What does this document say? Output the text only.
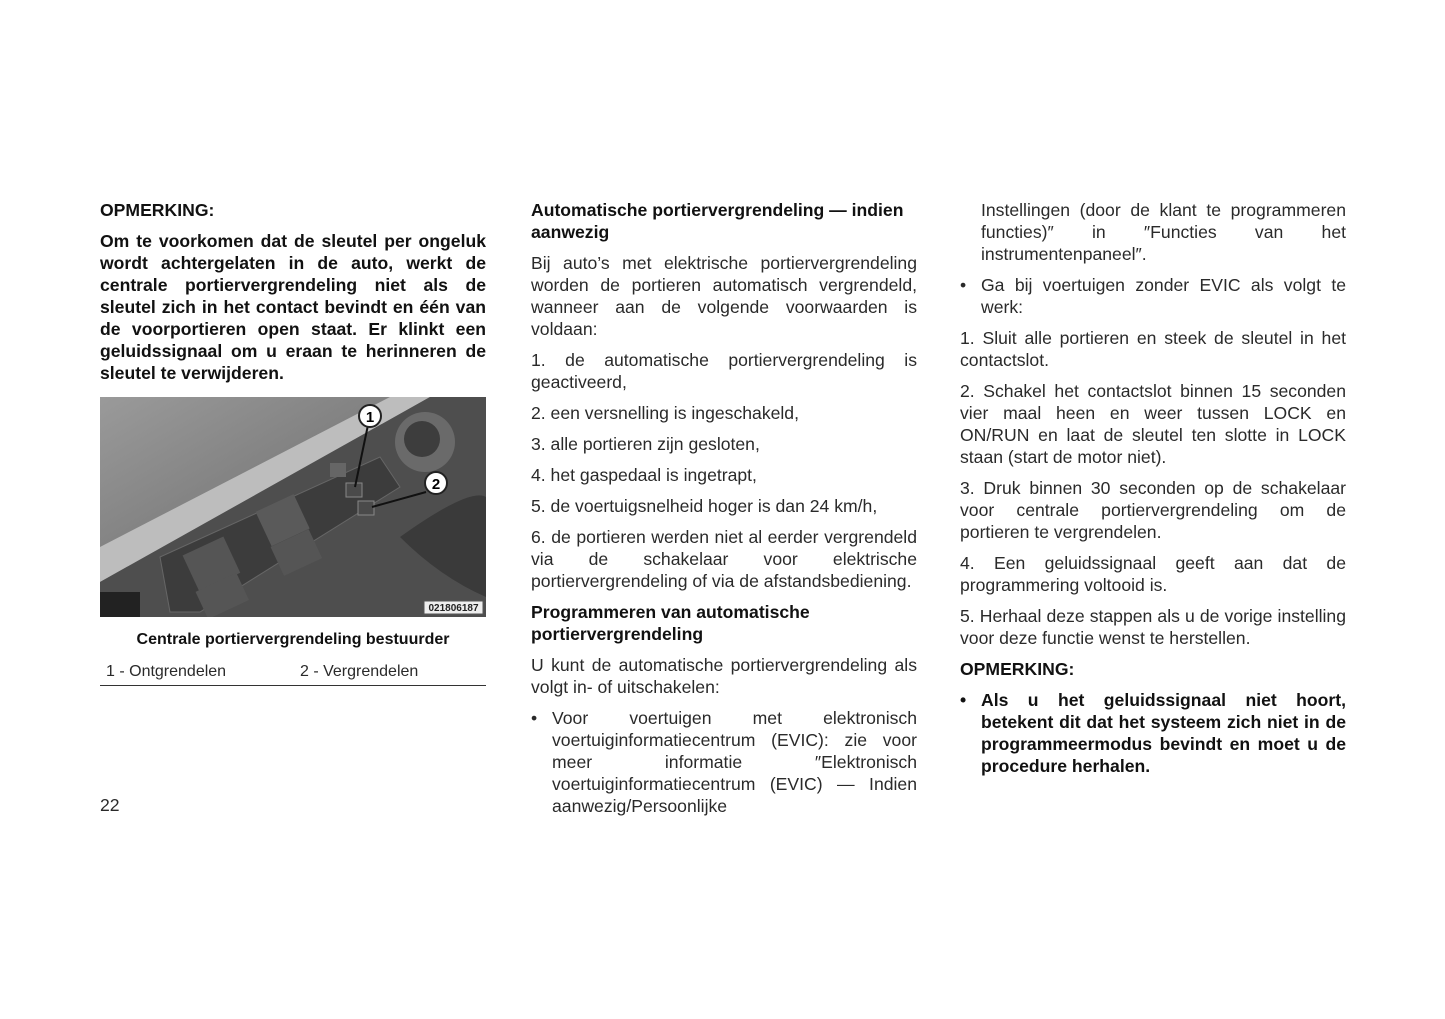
OPMERKING:

Om te voorkomen dat de sleutel per ongeluk wordt achtergelaten in de auto, werkt de centrale portiervergrendeling niet als de sleutel zich in het contact bevindt en één van de voorportieren open staat. Er klinkt een geluidssignaal om u eraan te herinneren de sleutel te verwijderen.

1
2
021806187
Centrale portiervergrendeling bestuurder
1 - Ontgrendelen	2 - Vergrendelen

Automatische portiervergrendeling — indien aanwezig

Bij auto’s met elektrische portiervergrendeling worden de portieren automatisch vergrendeld, wanneer aan de volgende voorwaarden is voldaan:

1. de automatische portiervergrendeling is geactiveerd,

2. een versnelling is ingeschakeld,

3. alle portieren zijn gesloten,

4. het gaspedaal is ingetrapt,

5. de voertuigsnelheid hoger is dan 24 km/h,

6. de portieren werden niet al eerder vergrendeld via de schakelaar voor elektrische portiervergrendeling of via de afstandsbediening.

Programmeren van automatische portiervergrendeling

U kunt de automatische portiervergrendeling als volgt in- of uitschakelen:

• Voor voertuigen met elektronisch voertuiginformatiecentrum (EVIC): zie voor meer informatie ″Elektronisch voertuiginformatiecentrum (EVIC) — Indien aanwezig/Persoonlijke

Instellingen (door de klant te programmeren functies)″ in ″Functies van het instrumentenpaneel″.

• Ga bij voertuigen zonder EVIC als volgt te werk:

1. Sluit alle portieren en steek de sleutel in het contactslot.

2. Schakel het contactslot binnen 15 seconden vier maal heen en weer tussen LOCK en ON/RUN en laat de sleutel ten slotte in LOCK staan (start de motor niet).

3. Druk binnen 30 seconden op de schakelaar voor centrale portiervergrendeling om de portieren te vergrendelen.

4. Een geluidssignaal geeft aan dat de programmering voltooid is.

5. Herhaal deze stappen als u de vorige instelling voor deze functie wenst te herstellen.

OPMERKING:

• Als u het geluidssignaal niet hoort, betekent dit dat het systeem zich niet in de programmeermodus bevindt en moet u de procedure herhalen.
22
